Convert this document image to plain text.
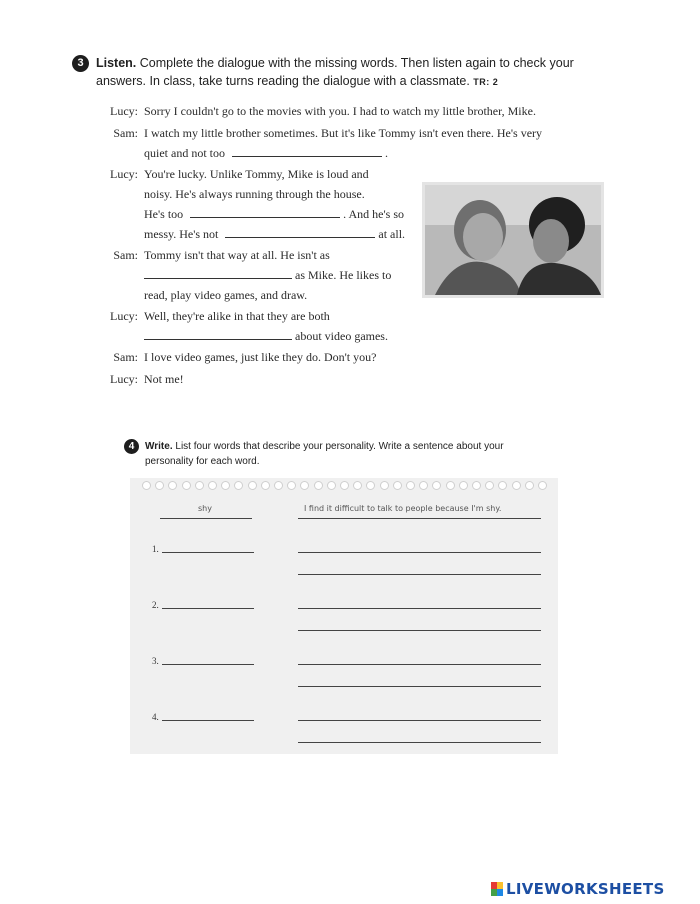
3 Listen. Complete the dialogue with the missing words. Then listen again to check your
answers. In class, take turns reading the dialogue with a classmate. TR: 2
Lucy: Sorry I couldn't go to the movies with you. I had to watch my little brother, Mike.
Sam: I watch my little brother sometimes. But it's like Tommy isn't even there. He's very
quiet and not too	.
Lucy: You're lucky. Unlike Tommy, Mike is loud and
noisy. He's always running through the house.
He's too	. And he's so
messy. He's not	at all.
Sam: Tommy isn't that way at all. He isn't as
as Mike. He likes to
read, play video games, and draw.
Lucy: Well, they're alike in that they are both
about video games.
Sam: I love video games, just like they do. Don't you?
Lucy: Not me!
4	Write. List four words that describe your personality. Write a sentence about your
personality for each word.
shy	I find it difficult to talk to people because I'm shy.
1.
2.
3.
4.
LIVEWORKSHEETS
